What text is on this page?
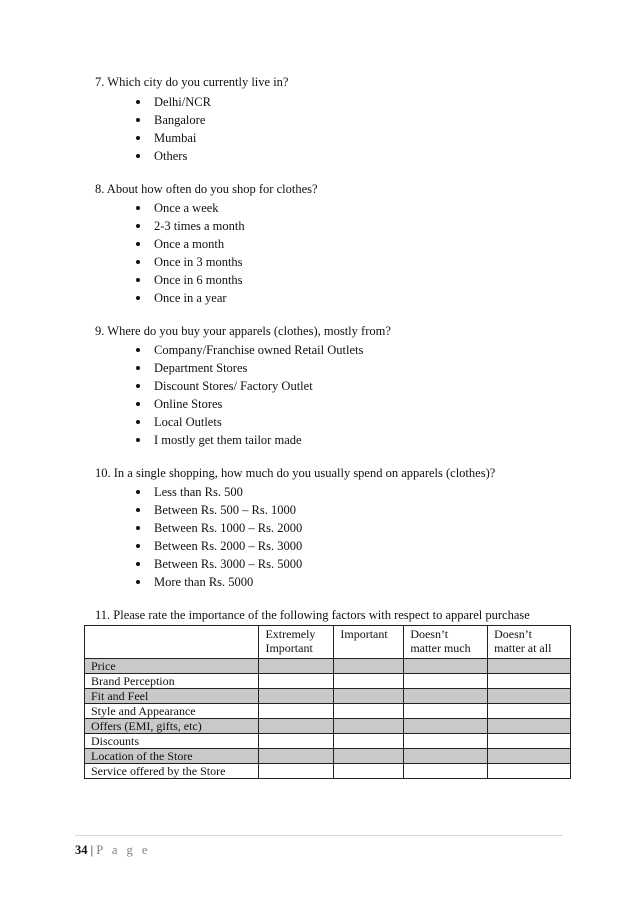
7. Which city do you currently live in?
Delhi/NCR
Bangalore
Mumbai
Others
8. About how often do you shop for clothes?
Once a week
2-3 times a month
Once a month
Once in 3 months
Once in 6 months
Once in a year
9. Where do you buy your apparels (clothes), mostly from?
Company/Franchise owned Retail Outlets
Department Stores
Discount Stores/ Factory Outlet
Online Stores
Local Outlets
I mostly get them tailor made
10. In a single shopping, how much do you usually spend on apparels (clothes)?
Less than Rs. 500
Between Rs. 500 – Rs. 1000
Between Rs. 1000 – Rs. 2000
Between Rs. 2000 – Rs. 3000
Between Rs. 3000 – Rs. 5000
More than Rs. 5000
11. Please rate the importance of the following factors with respect to apparel purchase
	Extremely Important	Important	Doesn’t matter much	Doesn’t matter at all
Price				
Brand Perception				
Fit and Feel				
Style and Appearance				
Offers (EMI, gifts, etc)				
Discounts				
Location of the Store				
Service offered by the Store				
34 | P a g e
